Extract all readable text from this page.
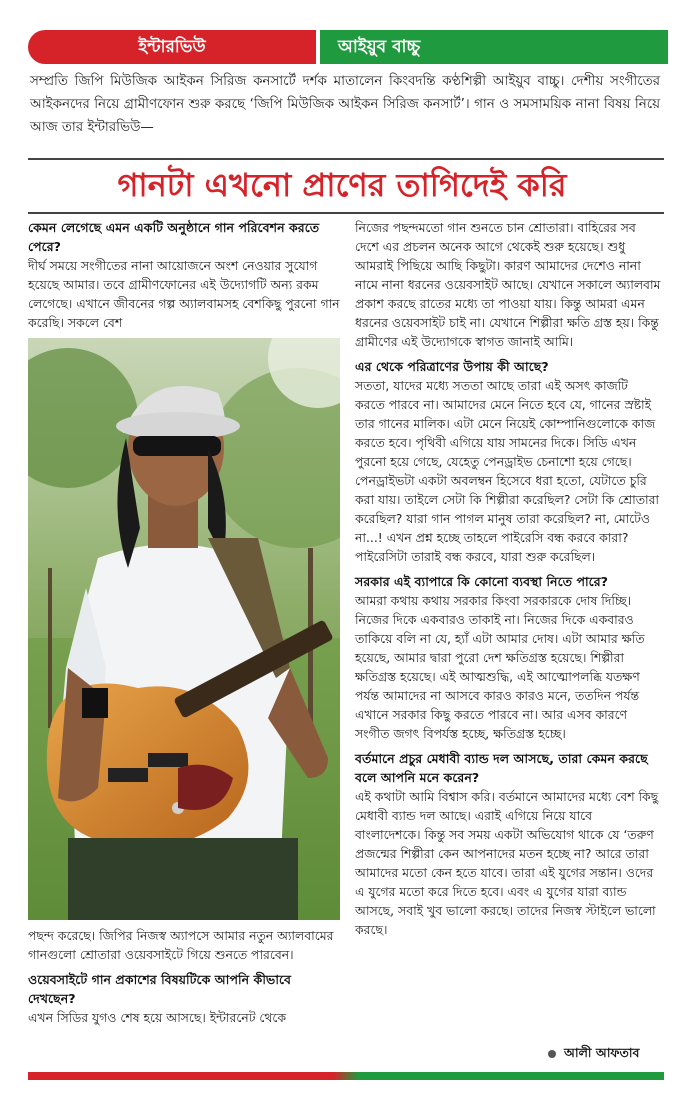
ইন্টারভিউ	আইয়ুব বাচ্চু
সম্প্রতি জিপি মিউজিক আইকন সিরিজ কনসার্টে দর্শক মাতালেন কিংবদন্তি কণ্ঠশিল্পী আইয়ুব বাচ্চু। দেশীয় সংগীতের আইকনদের নিয়ে গ্রামীণফোন শুরু করছে ‘জিপি মিউজিক আইকন সিরিজ কনসার্ট’। গান ও সমসাময়িক নানা বিষয় নিয়ে আজ তার ইন্টারভিউ—
গানটা এখনো প্রাণের তাগিদেই করি

কেমন লেগেছে এমন একটি অনুষ্ঠানে গান পরিবেশন করতে পেরে?

দীর্ঘ সময়ে সংগীতের নানা আয়োজনে অংশ নেওয়ার সুযোগ হয়েছে আমার। তবে গ্রামীণফোনের এই উদ্যোগটি অন্য রকম লেগেছে। এখানে জীবনের গল্প অ্যালবামসহ বেশকিছু পুরনো গান করেছি। সকলে বেশ

পছন্দ করেছে। জিপির নিজস্ব অ্যাপসে আমার নতুন অ্যালবামের গানগুলো শ্রোতারা ওয়েবসাইটে গিয়ে শুনতে পারবেন।

ওয়েবসাইটে গান প্রকাশের বিষয়টিকে আপনি কীভাবে দেখছেন?

এখন সিডির যুগও শেষ হয়ে আসছে। ইন্টারনেট থেকে

নিজের পছন্দমতো গান শুনতে চান শ্রোতারা। বাহিরের সব দেশে এর প্রচলন অনেক আগে থেকেই শুরু হয়েছে। শুধু আমরাই পিছিয়ে আছি কিছুটা। কারণ আমাদের দেশেও নানা নামে নানা ধরনের ওয়েবসাইট আছে। যেখানে সকালে অ্যালবাম প্রকাশ করছে রাতের মধ্যে তা পাওয়া যায়। কিন্তু আমরা এমন ধরনের ওয়েবসাইট চাই না। যেখানে শিল্পীরা ক্ষতি গ্রস্ত হয়। কিন্তু গ্রামীণের এই উদ্যোগকে স্বাগত জানাই আমি।

এর থেকে পরিত্রাণের উপায় কী আছে?

সততা, যাদের মধ্যে সততা আছে তারা এই অসৎ কাজটি করতে পারবে না। আমাদের মেনে নিতে হবে যে, গানের স্রষ্টাই তার গানের মালিক। এটা মেনে নিয়েই কোম্পানিগুলোকে কাজ করতে হবে। পৃথিবী এগিয়ে যায় সামনের দিকে। সিডি এখন পুরনো হয়ে গেছে, যেহেতু পেনড্রাইভ চেনাশো হয়ে গেছে। পেনড্রাইভটা একটা অবলম্বন হিসেবে ধরা হতো, যেটাতে চুরি করা যায়। তাইলে সেটা কি শিল্পীরা করেছিল? সেটা কি শ্রোতারা করেছিল? যারা গান পাগল মানুষ তারা করেছিল? না, মোটেও না...! এখন প্রশ্ন হচ্ছে তাহলে পাইরেসি বন্ধ করবে কারা? পাইরেসিটা তারাই বন্ধ করবে, যারা শুরু করেছিল।

সরকার এই ব্যাপারে কি কোনো ব্যবস্থা নিতে পারে?

আমরা কথায় কথায় সরকার কিংবা সরকারকে দোষ দিচ্ছি। নিজের দিকে একবারও তাকাই না। নিজের দিকে একবারও তাকিয়ে বলি না যে, হ্যাঁ এটা আমার দোষ। এটা আমার ক্ষতি হয়েছে, আমার দ্বারা পুরো দেশ ক্ষতিগ্রস্ত হয়েছে। শিল্পীরা ক্ষতিগ্রস্ত হয়েছে। এই আত্মশুদ্ধি, এই আত্মোপলব্ধি যতক্ষণ পর্যন্ত আমাদের না আসবে কারও কারও মনে, ততদিন পর্যন্ত এখানে সরকার কিছু করতে পারবে না। আর এসব কারণে সংগীত জগৎ বিপর্যস্ত হচ্ছে, ক্ষতিগ্রস্ত হচ্ছে।

বর্তমানে প্রচুর মেধাবী ব্যান্ড দল আসছে, তারা কেমন করছে বলে আপনি মনে করেন?

এই কথাটা আমি বিশ্বাস করি। বর্তমানে আমাদের মধ্যে বেশ কিছু মেধাবী ব্যান্ড দল আছে। এরাই এগিয়ে নিয়ে যাবে বাংলাদেশকে। কিন্তু সব সময় একটা অভিযোগ থাকে যে ‘তরুণ প্রজন্মের শিল্পীরা কেন আপনাদের মতন হচ্ছে না? আরে তারা আমাদের মতো কেন হতে যাবে। তারা এই যুগের সন্তান। ওদের এ যুগের মতো করে দিতে হবে। এবং এ যুগের যারা ব্যান্ড আসছে, সবাই খুব ভালো করছে। তাদের নিজস্ব স্টাইলে ভালো করছে।

আলী আফতাব
